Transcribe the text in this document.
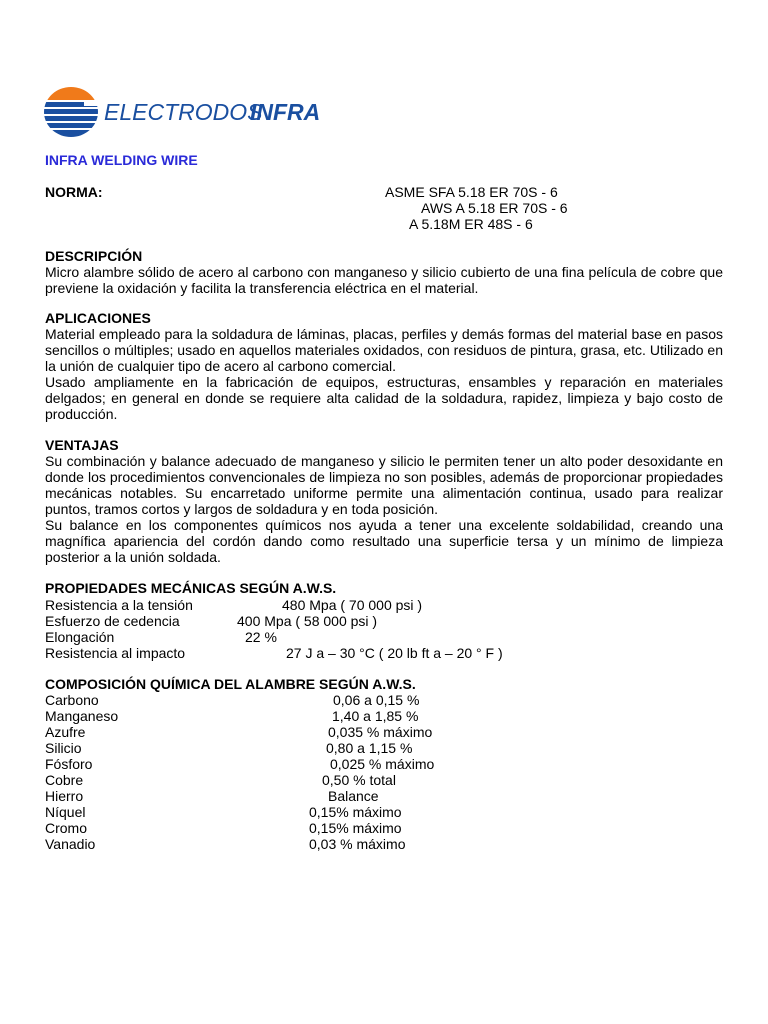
ELECTRODOS
INFRA
INFRA WELDING WIRE
NORMA:	ASME SFA 5.18 ER 70S - 6
AWS A 5.18 ER 70S - 6
A 5.18M ER 48S - 6
DESCRIPCIÓN

Micro alambre sólido de acero al carbono con manganeso y silicio cubierto de una fina película de cobre que previene la oxidación y facilita la transferencia eléctrica en el material.

APLICACIONES

Material empleado para la soldadura de láminas, placas, perfiles y demás formas del material base en pasos sencillos o múltiples; usado en aquellos materiales oxidados, con residuos de pintura, grasa, etc. Utilizado en la unión de cualquier tipo de acero al carbono comercial.

Usado ampliamente en la fabricación de equipos, estructuras, ensambles y reparación en materiales delgados; en general en donde se requiere alta calidad de la soldadura, rapidez, limpieza y bajo costo de producción.

VENTAJAS

Su combinación y balance adecuado de manganeso y silicio le permiten tener un alto poder desoxidante en donde los procedimientos convencionales de limpieza no son posibles, además de proporcionar propiedades mecánicas notables. Su encarretado uniforme permite una alimentación continua, usado para realizar puntos, tramos cortos y largos de soldadura y en toda posición.

Su balance en los componentes químicos nos ayuda a tener una excelente soldabilidad, creando una magnífica apariencia del cordón dando como resultado una superficie tersa y un mínimo de limpieza posterior a la unión soldada.

PROPIEDADES MECÁNICAS SEGÚN A.W.S.
Resistencia a la tensión	480 Mpa ( 70 000 psi )
Esfuerzo de cedencia	400 Mpa ( 58 000 psi )
Elongación	22 %
Resistencia al impacto	27 J a – 30 °C ( 20 lb ft a – 20 ° F )
COMPOSICIÓN QUÍMICA DEL ALAMBRE SEGÚN A.W.S.
Carbono	0,06 a 0,15 %
Manganeso	1,40 a 1,85 %
Azufre	0,035 % máximo
Silicio	0,80 a 1,15 %
Fósforo	0,025 % máximo
Cobre	0,50 % total
Hierro	Balance
Níquel	0,15% máximo
Cromo	0,15% máximo
Vanadio	0,03 % máximo
